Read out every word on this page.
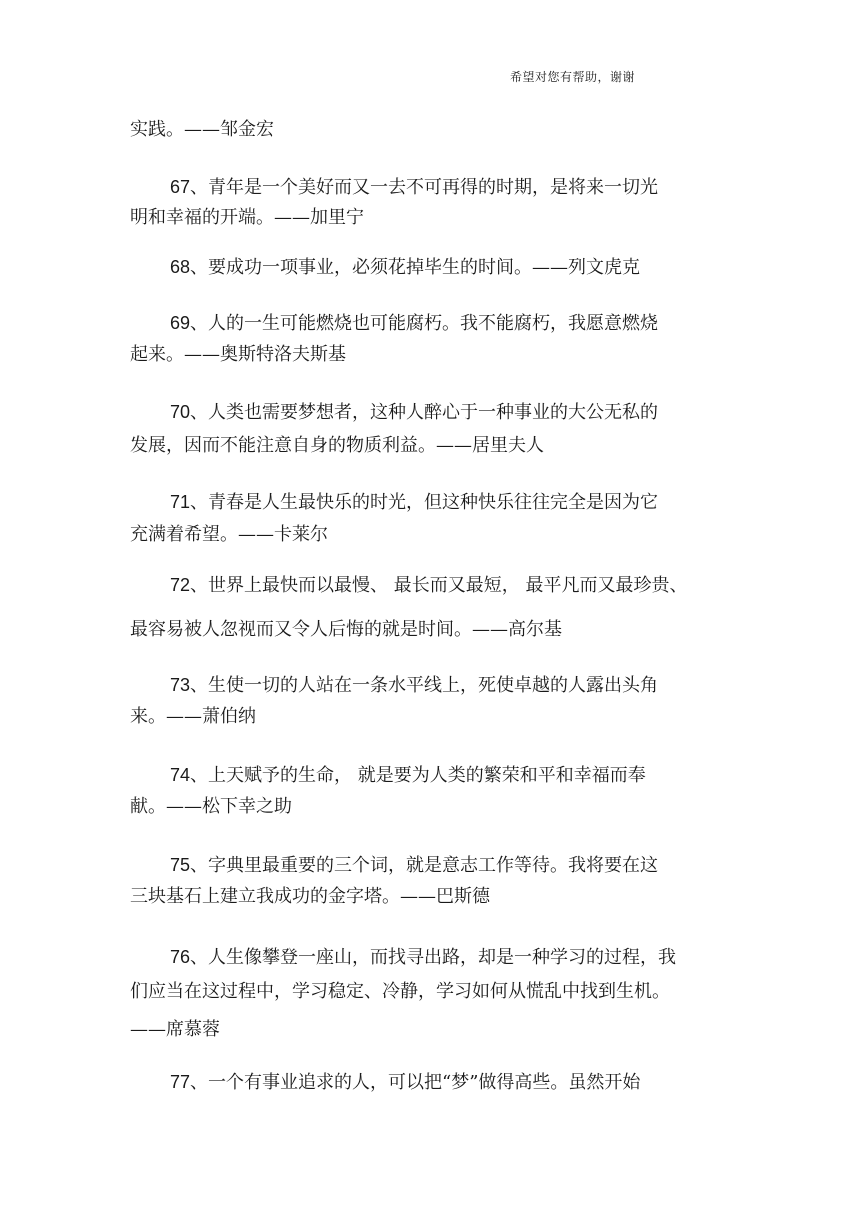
希望对您有帮助，谢谢
实践。——邹金宏
67、青年是一个美好而又一去不可再得的时期，是将来一切光
明和幸福的开端。——加里宁
68、要成功一项事业，必须花掉毕生的时间。——列文虎克
69、人的一生可能燃烧也可能腐朽。我不能腐朽，我愿意燃烧
起来。——奥斯特洛夫斯基
70、人类也需要梦想者，这种人醉心于一种事业的大公无私的
发展，因而不能注意自身的物质利益。——居里夫人
71、青春是人生最快乐的时光，但这种快乐往往完全是因为它
充满着希望。——卡莱尔
72、世界上最快而以最慢、 最长而又最短， 最平凡而又最珍贵、
最容易被人忽视而又令人后悔的就是时间。——高尔基
73、生使一切的人站在一条水平线上，死使卓越的人露出头角
来。——萧伯纳
74、上天赋予的生命， 就是要为人类的繁荣和平和幸福而奉
献。——松下幸之助
75、字典里最重要的三个词，就是意志工作等待。我将要在这
三块基石上建立我成功的金字塔。——巴斯德
76、人生像攀登一座山，而找寻出路，却是一种学习的过程，我
们应当在这过程中，学习稳定、冷静，学习如何从慌乱中找到生机。
——席慕蓉
77、一个有事业追求的人，可以把“梦”做得高些。虽然开始
